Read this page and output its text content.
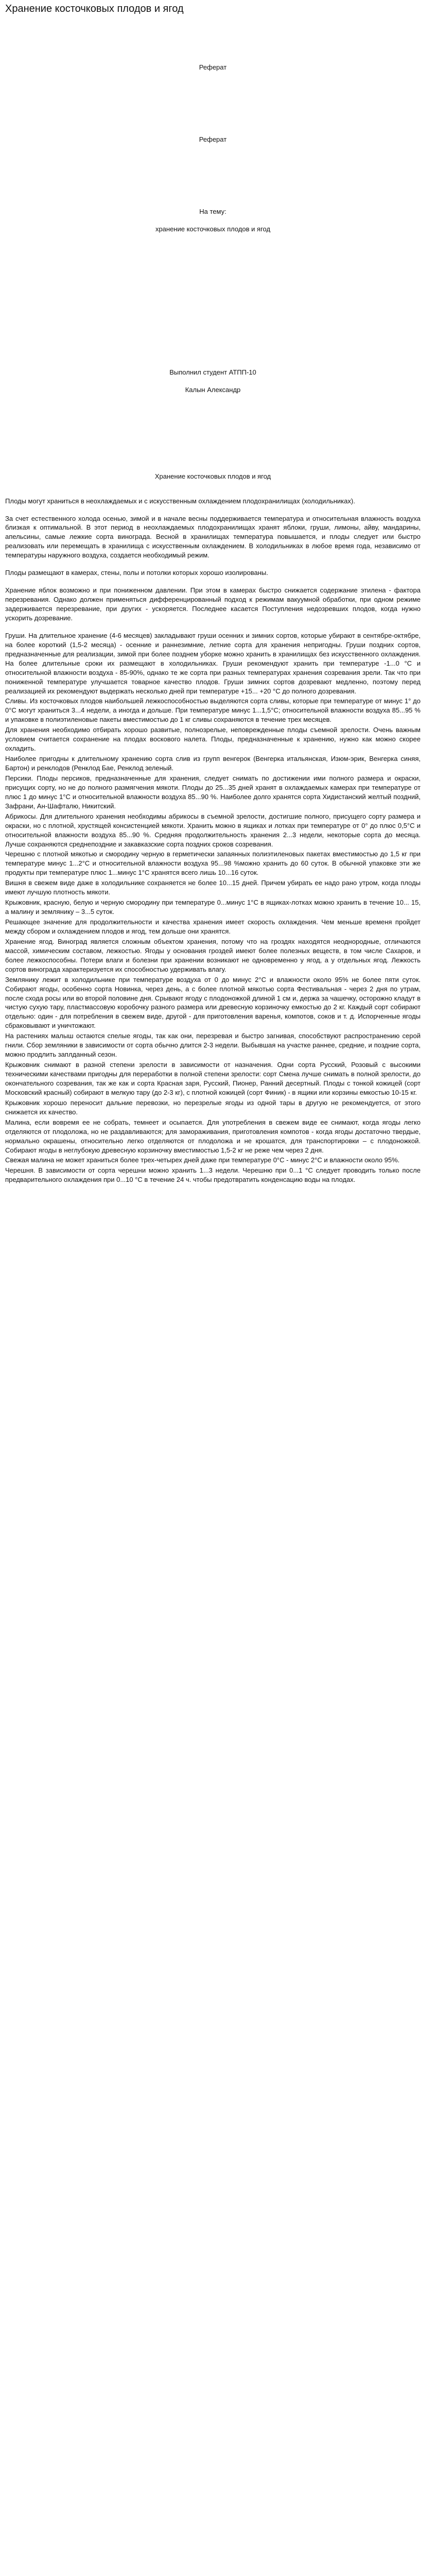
Хранение косточковых плодов и ягод

Реферат

Реферат

На тему:

хранение косточковых плодов и ягод

Выполнил студент АТПП-10

Калын Александр

Хранение косточковых плодов и ягод

Плоды могут храниться в неохлаждаемых и с искусственным охлаждением плодохранилищах (холодильниках).

За счет естественного холода осенью, зимой и в начале весны поддерживается температура и относительная влажность воздуха близкая к оптимальной. В этот период в неохлаждаемых плодохранилищах хранят яблоки, груши, лимоны, айву, мандарины, апельсины, самые лежкие сорта винограда. Весной в хранилищах температура повышается, и плоды следует или быстро реализовать или перемещать в хранилища с искусственным охлаждением. В холодильниках в любое время года, независимо от температуры наружного воздуха, создается необходимый режим.

Плоды размещают в камерах, стены, полы и потолки которых хорошо изолированы.

Хранение яблок возможно и при пониженном давлении. При этом в камерах быстро снижается содержание этилена - фактора перезревания. Однако должен применяться дифференцированный подход к режимам вакуумной обработки, при одном режиме задерживается перезревание, при других - ускоряется. Последнее касается Поступления недозревших плодов, когда нужно ускорить дозревание.

Груши. На длительное хранение (4-6 месяцев) закладывают груши осенних и зимних сортов, которые убирают в сентябре-октябре, на более короткий (1,5-2 месяца) - осенние и раннезимние, летние сорта для хранения непригодны. Груши поздних сортов, предназначенные для реализации, зимой при более позднем уборке можно хранить в хранилищах без искусственного охлаждения. На более длительные сроки их размещают в холодильниках. Груши рекомендуют хранить при температуре -1...0 °С и относительной влажности воздуха - 85-90%, однако те же сорта при разных температурах хранения созревания зрели. Так что при пониженной температуре улучшается товарное качество плодов. Груши зимних сортов дозревают медленно, поэтому перед реализацией их рекомендуют выдержать несколько дней при температуре +15... +20 °С до полного дозревания.

Сливы. Из косточковых плодов наибольшей лежкоспособностью выделяются сорта сливы, которые при температуре от минус 1° до 0°С могут храниться 3...4 недели, а иногда и дольше. При температуре минус 1...1,5°С; относительной влажности воздуха 85...95 % и упаковке в полиэтиленовые пакеты вместимостью до 1 кг сливы сохраняются в течение трех месяцев.

Для хранения необходимо отбирать хорошо развитые, полнозрелые, неповрежденные плоды съемной зрелости. Очень важным условием считается сохранение на плодах воскового налета. Плоды, предназначенные к хранению, нужно как можно скорее охладить.

Наиболее пригодны к длительному хранению сорта слив из групп венгерок (Венгерка итальянская, Изюм-эрик, Венгерка синяя, Бартон) и ренклодов (Ренклод Бае, Ренклод зеленый.

Персики. Плоды персиков, предназначенные для хранения, следует снимать по достижении ими полного размера и окраски, присущих сорту, но не до полного размягчения мякоти. Плоды до 25...35 дней хранят в охлаждаемых камерах при температуре от плюс 1 до минус 1°С и относительной влажности воздуха 85...90 %. Наиболее долго хранятся сорта Хидистанский желтый поздний, Зафрани, Ан-Шафталю, Никитский.

Абрикосы. Для длительного хранения необходимы абрикосы в съемной зрелости, достигшие полного, присущего сорту размера и окраски, но с плотной, хрустящей консистенцией мякоти. Хранить можно в ящиках и лотках при температуре от 0° до плюс 0,5°С и относительной влажности воздуха 85...90 %. Средняя продолжительность хранения 2...3 недели, некоторые сорта до месяца. Лучше сохраняются среднепоздние и закавказские сорта поздних сроков созревания.

Черешню с плотной мякотью и смородину черную в герметически запаянных полиэтиленовых пакетах вместимостью до 1,5 кг при температуре минус 1...2°С и относительной влажности воздуха 95...98 %можно хранить до 60 суток. В обычной упаковке эти же продукты при температуре плюс 1...минус 1°С хранятся всего лишь 10...16 суток.

Вишня в свежем виде даже в холодильнике сохраняется не более 10...15 дней. Причем убирать ее надо рано утром, когда плоды имеют лучшую плотность мякоти.

Крыжовник, красную, белую и черную смородину при температуре 0...минус 1°С в ящиках-лотках можно хранить в течение 10... 15, а малину и землянику – 3...5 суток.

Решающее значение для продолжительности и качества хранения имеет скорость охлаждения. Чем меньше временя пройдет между сбором и охлаждением плодов и ягод, тем дольше они хранятся.

Хранение ягод. Виноград является сложным объектом хранения, потому что на гроздях находятся неоднородные, отличаются массой, химическим составом, лежкостью. Ягоды у основания гроздей имеют более полезных веществ, в том числе Сахаров, и более лежкоспособны. Потери влаги и болезни при хранении возникают не одновременно у ягод, а у отдельных ягод. Лежкость сортов винограда характеризуется их способностью удерживать влагу.

Землянику лежит в холодильнике при температуре воздуха от 0 до минус 2°С и влажности около 95% не более пяти суток. Собирают ягоды, особенно сорта Новинка, через день, а с более плотной мякотью сорта Фестивальная - через 2 дня по утрам, после схода росы или во второй половине дня. Срывают ягоду с плодоножкой длиной 1 см и, держа за чашечку, осторожно кладут в чистую сухую тару, пластмассовую коробочку разного размера или древесную корзиночку емкостью до 2 кг. Каждый сорт собирают отдельно: один - для потребления в свежем виде, другой - для приготовления варенья, компотов, соков и т. д. Испорченные ягоды сбраковывают и уничтожают.

На растениях малыш остаются спелые ягоды, так как они, перезревая и быстро загнивая, способствуют распространению серой гнили. Сбор земляники в зависимости от сорта обычно длится 2-3 недели. Выбывшая на участке раннее, средние, и поздние сорта, можно продлить заплданный сезон.

Крыжовник снимают в разной степени зрелости в зависимости от назначения. Одни сорта Русский, Розовый с высокими техническими качествами пригодны для переработки в полной степени зрелости: сорт Смена лучше снимать в полной зрелости, до окончательного созревания, так же как и сорта Красная заря, Русский, Пионер, Ранний десертный. Плоды с тонкой кожицей (сорт Московский красный) собирают в мелкую тару (до 2-3 кг), с плотной кожицей (сорт Финик) - в ящики или корзины емкостью 10-15 кг.

Крыжовник хорошо переносит дальние перевозки, но перезрелые ягоды из одной тары в другую не рекомендуется, от этого снижается их качество.

Малина, если вовремя ее не собрать, темнеет и осыпается. Для употребления в свежем виде ее снимают, когда ягоды легко отделяются от плодоложа, но не раздавливаются; для замораживания, приготовления компотов - когда ягоды достаточно твердые, нормально окрашены, относительно легко отделяются от плодоложа и не крошатся, для транспортировки – с плодоножкой. Собирают ягоды в неглубокую древесную корзиночку вместимостью 1,5-2 кг не реже чем через 2 дня.

Свежая малина не может храниться более трех-четырех дней даже при температуре 0°С - минус 2°С и влажности около 95%.

Черешня. В зависимости от сорта черешни можно хранить 1...3 недели. Черешню при 0...1 °С следует проводить только после предварительного охлаждения при 0...10 °С в течение 24 ч. чтобы предотвратить конденсацию воды на плодах.
